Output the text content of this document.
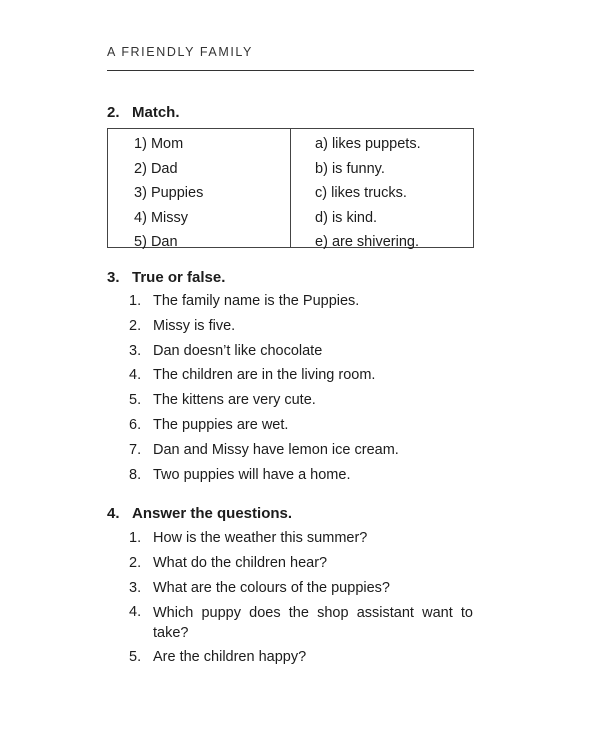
A FRIENDLY FAMILY
2. Match.
1) Mom
2) Dad
3) Puppies
4) Missy
5) Dan
a) likes puppets.
b) is funny.
c) likes trucks.
d) is kind.
e) are shivering.
3. True or false.
1. The family name is the Puppies.
2. Missy is five.
3. Dan doesn’t like chocolate
4. The children are in the living room.
5. The kittens are very cute.
6. The puppies are wet.
7. Dan and Missy have lemon ice cream.
8. Two puppies will have a home.
4. Answer the questions.
1. How is the weather this summer?
2. What do the children hear?
3. What are the colours of the puppies?
4. Which puppy does the shop assistant want to take?
5. Are the children happy?
